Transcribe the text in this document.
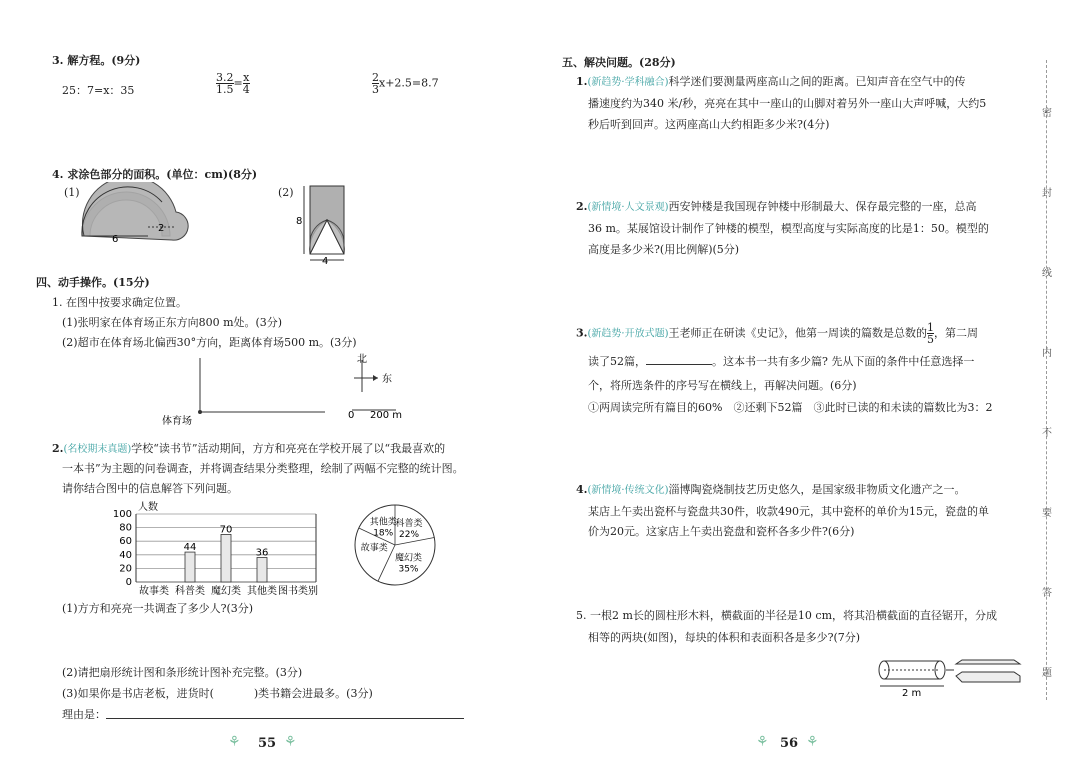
3. 解方程。(9分)
25：7=x：35	$\frac{3.2}{1.5} = \frac{x}{4}$	$\frac{2}{3} x+2.5=8.7$
4. 求涂色部分的面积。(单位：cm)(8分)
(1)
6
2
(2)
8
4
四、动手操作。(15分)
1. 在图中按要求确定位置。
(1)张明家在体育场正东方向800 m处。(3分)
(2)超市在体育场北偏西30°方向，距离体育场500 m。(3分)
体育场
北
东
0 200 m
2.(名校期末真题)学校“读书节”活动期间，方方和亮亮在学校开展了以“我最喜欢的
一本书”为主题的问卷调查，并将调查结果分类整理，绘制了两幅不完整的统计图。
请你结合图中的信息解答下列问题。
人数
0
20
40
60
80
100
故事类
44
科普类
70
魔幻类
36
其他类 图书类别
其他类
18%
科普类
22%
魔幻类
35%
故事类
(1)方方和亮亮一共调查了多少人?(3分)
(2)请把扇形统计图和条形统计图补充完整。(3分)
(3)如果你是书店老板，进货时(	)类书籍会进最多。(3分)
理由是：
⚘ 55 ⚘
五、解决问题。(28分)
1.(新趋势·学科融合)科学迷们要测量两座高山之间的距离。已知声音在空气中的传
播速度约为340 米/秒，亮亮在其中一座山的山脚对着另外一座山大声呼喊，大约5
秒后听到回声。这两座高山大约相距多少米?(4分)
2.(新情境·人文景观)西安钟楼是我国现存钟楼中形制最大、保存最完整的一座，总高
36 m。某展馆设计制作了钟楼的模型，模型高度与实际高度的比是1：50。模型的
高度是多少米?(用比例解)(5分)
3.(新趋势·开放式题)王老师正在研读《史记》，他第一周读的篇数是总数的 $\frac{1}{5}$ ，第二周
读了52篇，	。这本书一共有多少篇? 先从下面的条件中任意选择一
个，将所选条件的序号写在横线上，再解决问题。(6分)
①两周读完所有篇目的60%　②还剩下52篇　③此时已读的和未读的篇数比为3：2
4.(新情境·传统文化)淄博陶瓷烧制技艺历史悠久，是国家级非物质文化遗产之一。
某店上午卖出瓷杯与瓷盘共30件，收款490元，其中瓷杯的单价为15元，瓷盘的单
价为20元。这家店上午卖出瓷盘和瓷杯各多少件?(6分)
5. 一根2 m长的圆柱形木料，横截面的半径是10 cm，将其沿横截面的直径锯开，分成
相等的两块(如图)，每块的体积和表面积各是多少?(7分)
2 m
密
封
线
内
不
要
答
题
⚘ 56 ⚘
